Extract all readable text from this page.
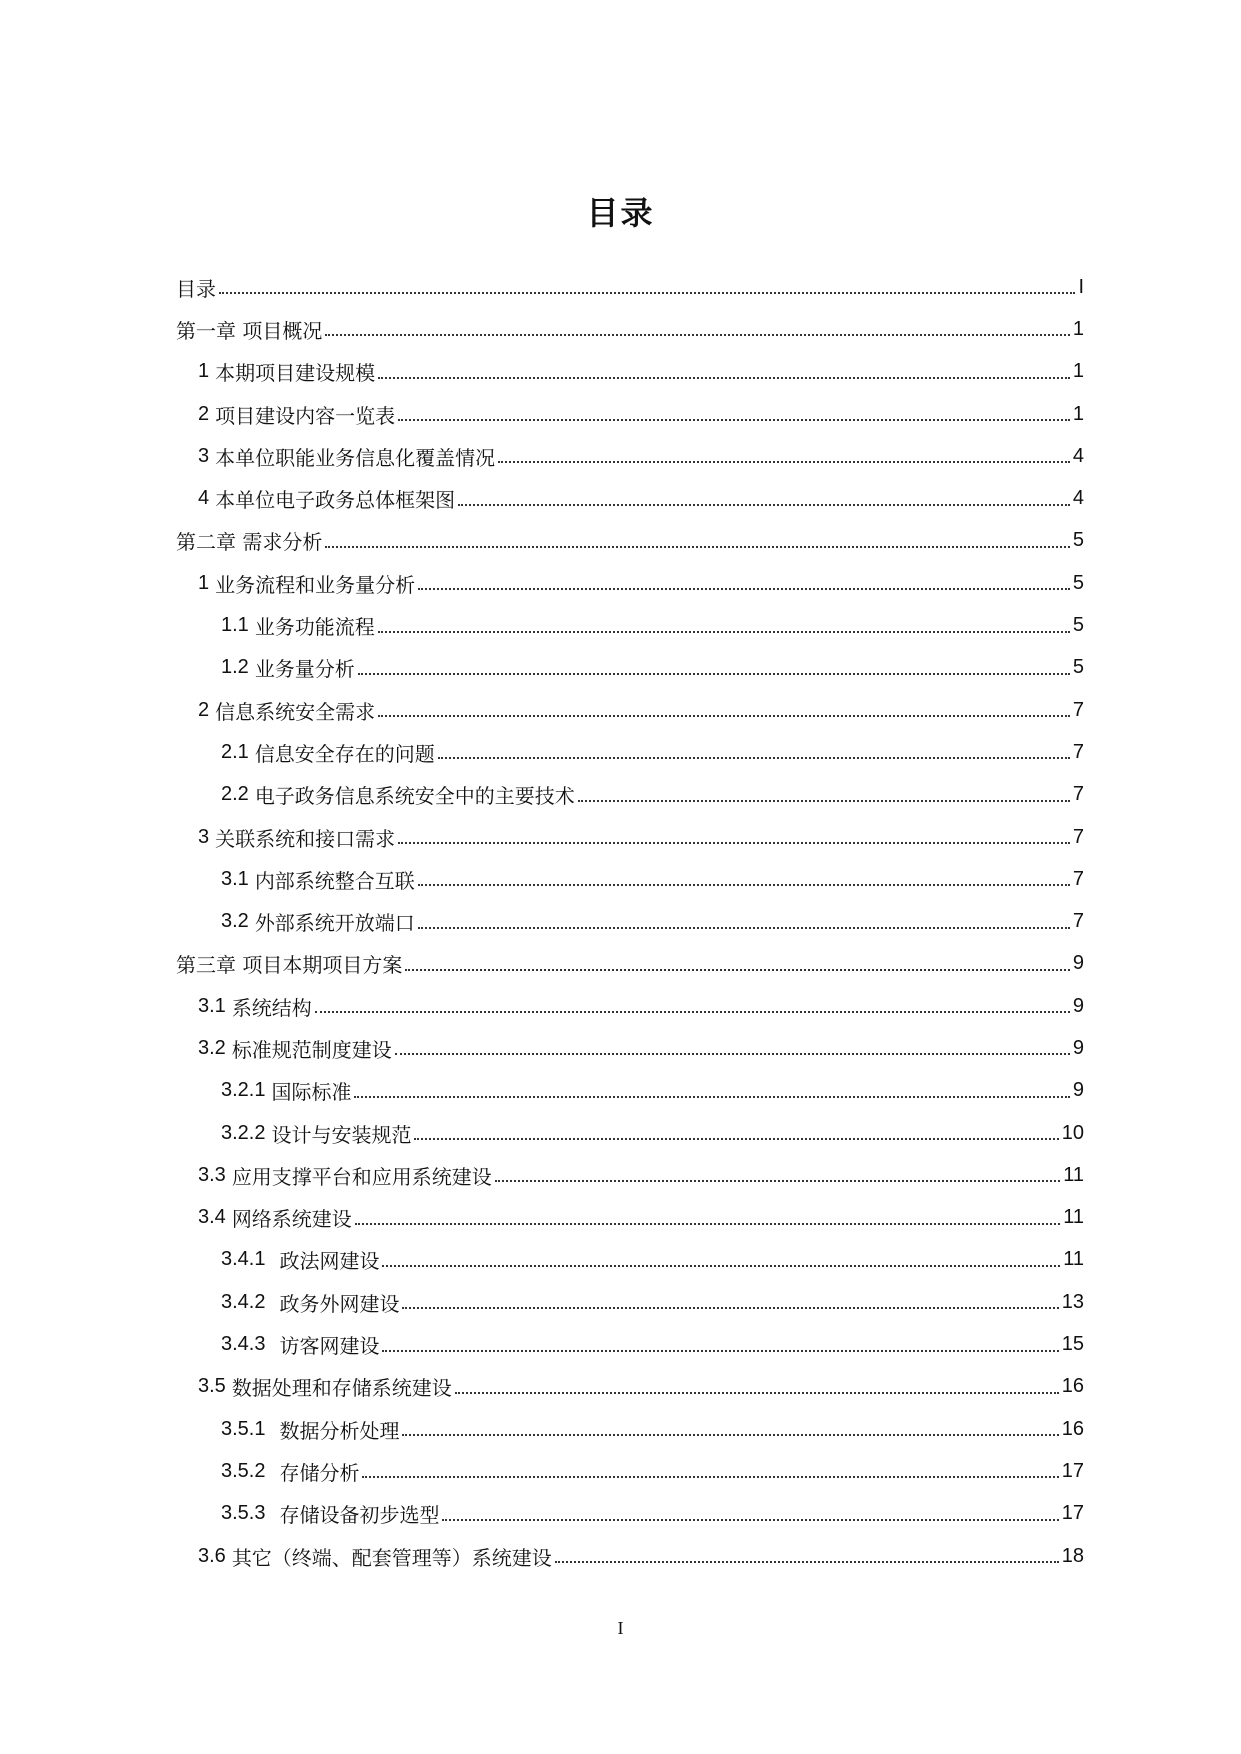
目录
目录	I
第一章 项目概况	1
1 本期项目建设规模	1
2 项目建设内容一览表	1
3 本单位职能业务信息化覆盖情况	4
4 本单位电子政务总体框架图	4
第二章 需求分析	5
1 业务流程和业务量分析	5
1.1 业务功能流程	5
1.2 业务量分析	5
2 信息系统安全需求	7
2.1 信息安全存在的问题	7
2.2 电子政务信息系统安全中的主要技术	7
3 关联系统和接口需求	7
3.1 内部系统整合互联	7
3.2 外部系统开放端口	7
第三章 项目本期项目方案	9
3.1 系统结构	9
3.2 标准规范制度建设	9
3.2.1 国际标准	9
3.2.2 设计与安装规范	10
3.3 应用支撑平台和应用系统建设	11
3.4 网络系统建设	11
3.4.1 政法网建设	11
3.4.2 政务外网建设	13
3.4.3 访客网建设	15
3.5 数据处理和存储系统建设	16
3.5.1 数据分析处理	16
3.5.2 存储分析	17
3.5.3 存储设备初步选型	17
3.6 其它（终端、配套管理等）系统建设	18
I
